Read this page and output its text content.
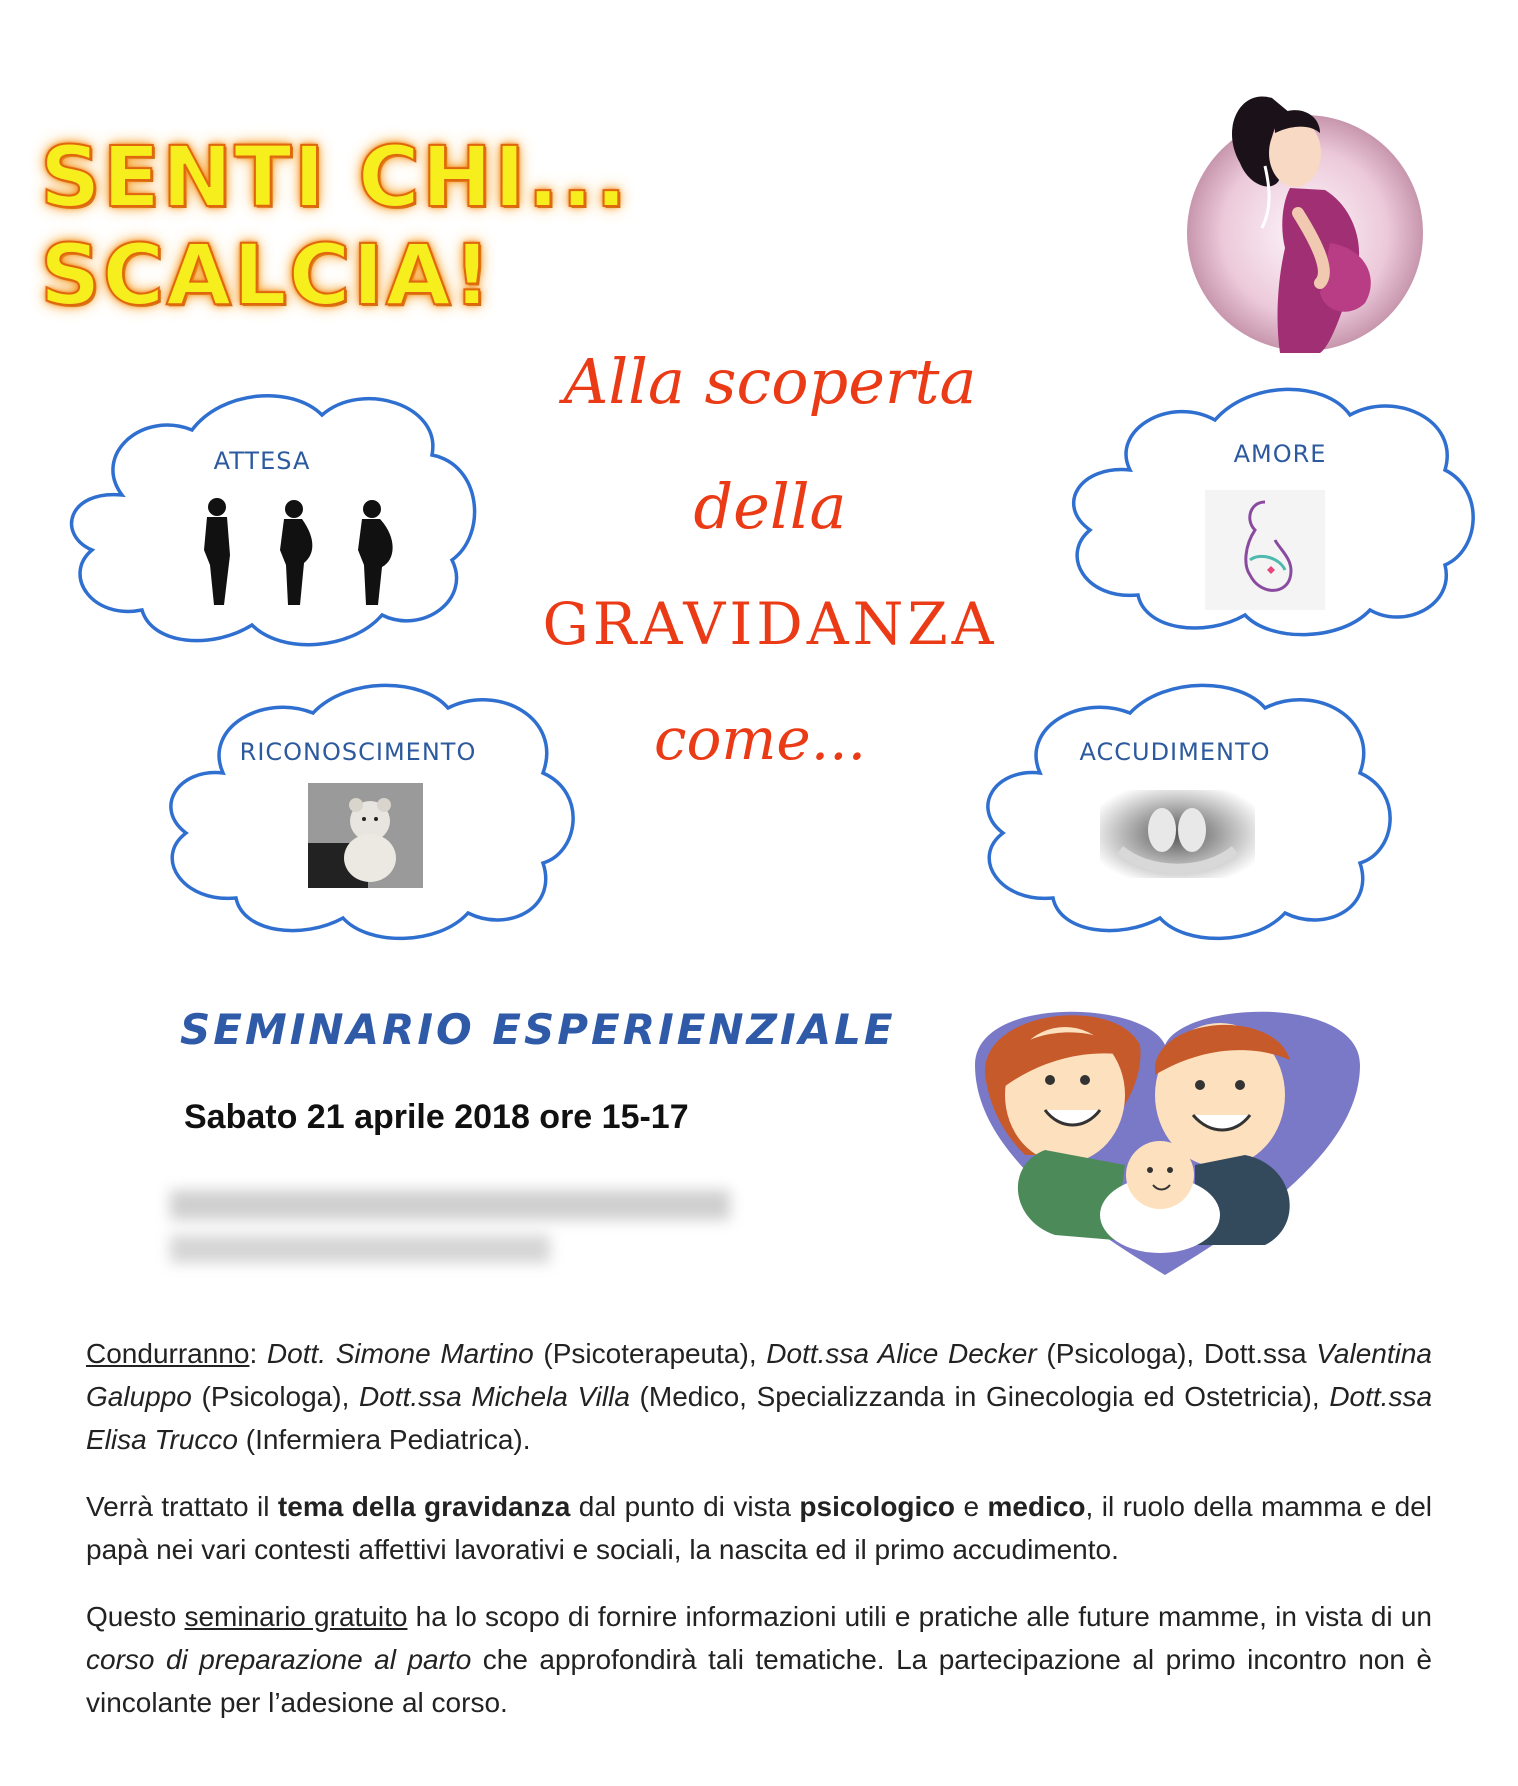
SENTI CHI... SCALCIA!
Alla scoperta
della
GRAVIDANZA
come...
ATTESA	AMORE
RICONOSCIMENTO	ACCUDIMENTO
SEMINARIO ESPERIENZIALE
Sabato 21 aprile 2018 ore 15-17
Condurranno: Dott. Simone Martino (Psicoterapeuta), Dott.ssa Alice Decker (Psicologa), Dott.ssa Valentina Galuppo (Psicologa), Dott.ssa Michela Villa (Medico, Specializzanda in Ginecologia ed Ostetricia), Dott.ssa Elisa Trucco (Infermiera Pediatrica).
Verrà trattato il tema della gravidanza dal punto di vista psicologico e medico, il ruolo della mamma e del papà nei vari contesti affettivi lavorativi e sociali, la nascita ed il primo accudimento.
Questo seminario gratuito ha lo scopo di fornire informazioni utili e pratiche alle future mamme, in vista di un corso di preparazione al parto che approfondirà tali tematiche. La partecipazione al primo incontro non è vincolante per l’adesione al corso.
